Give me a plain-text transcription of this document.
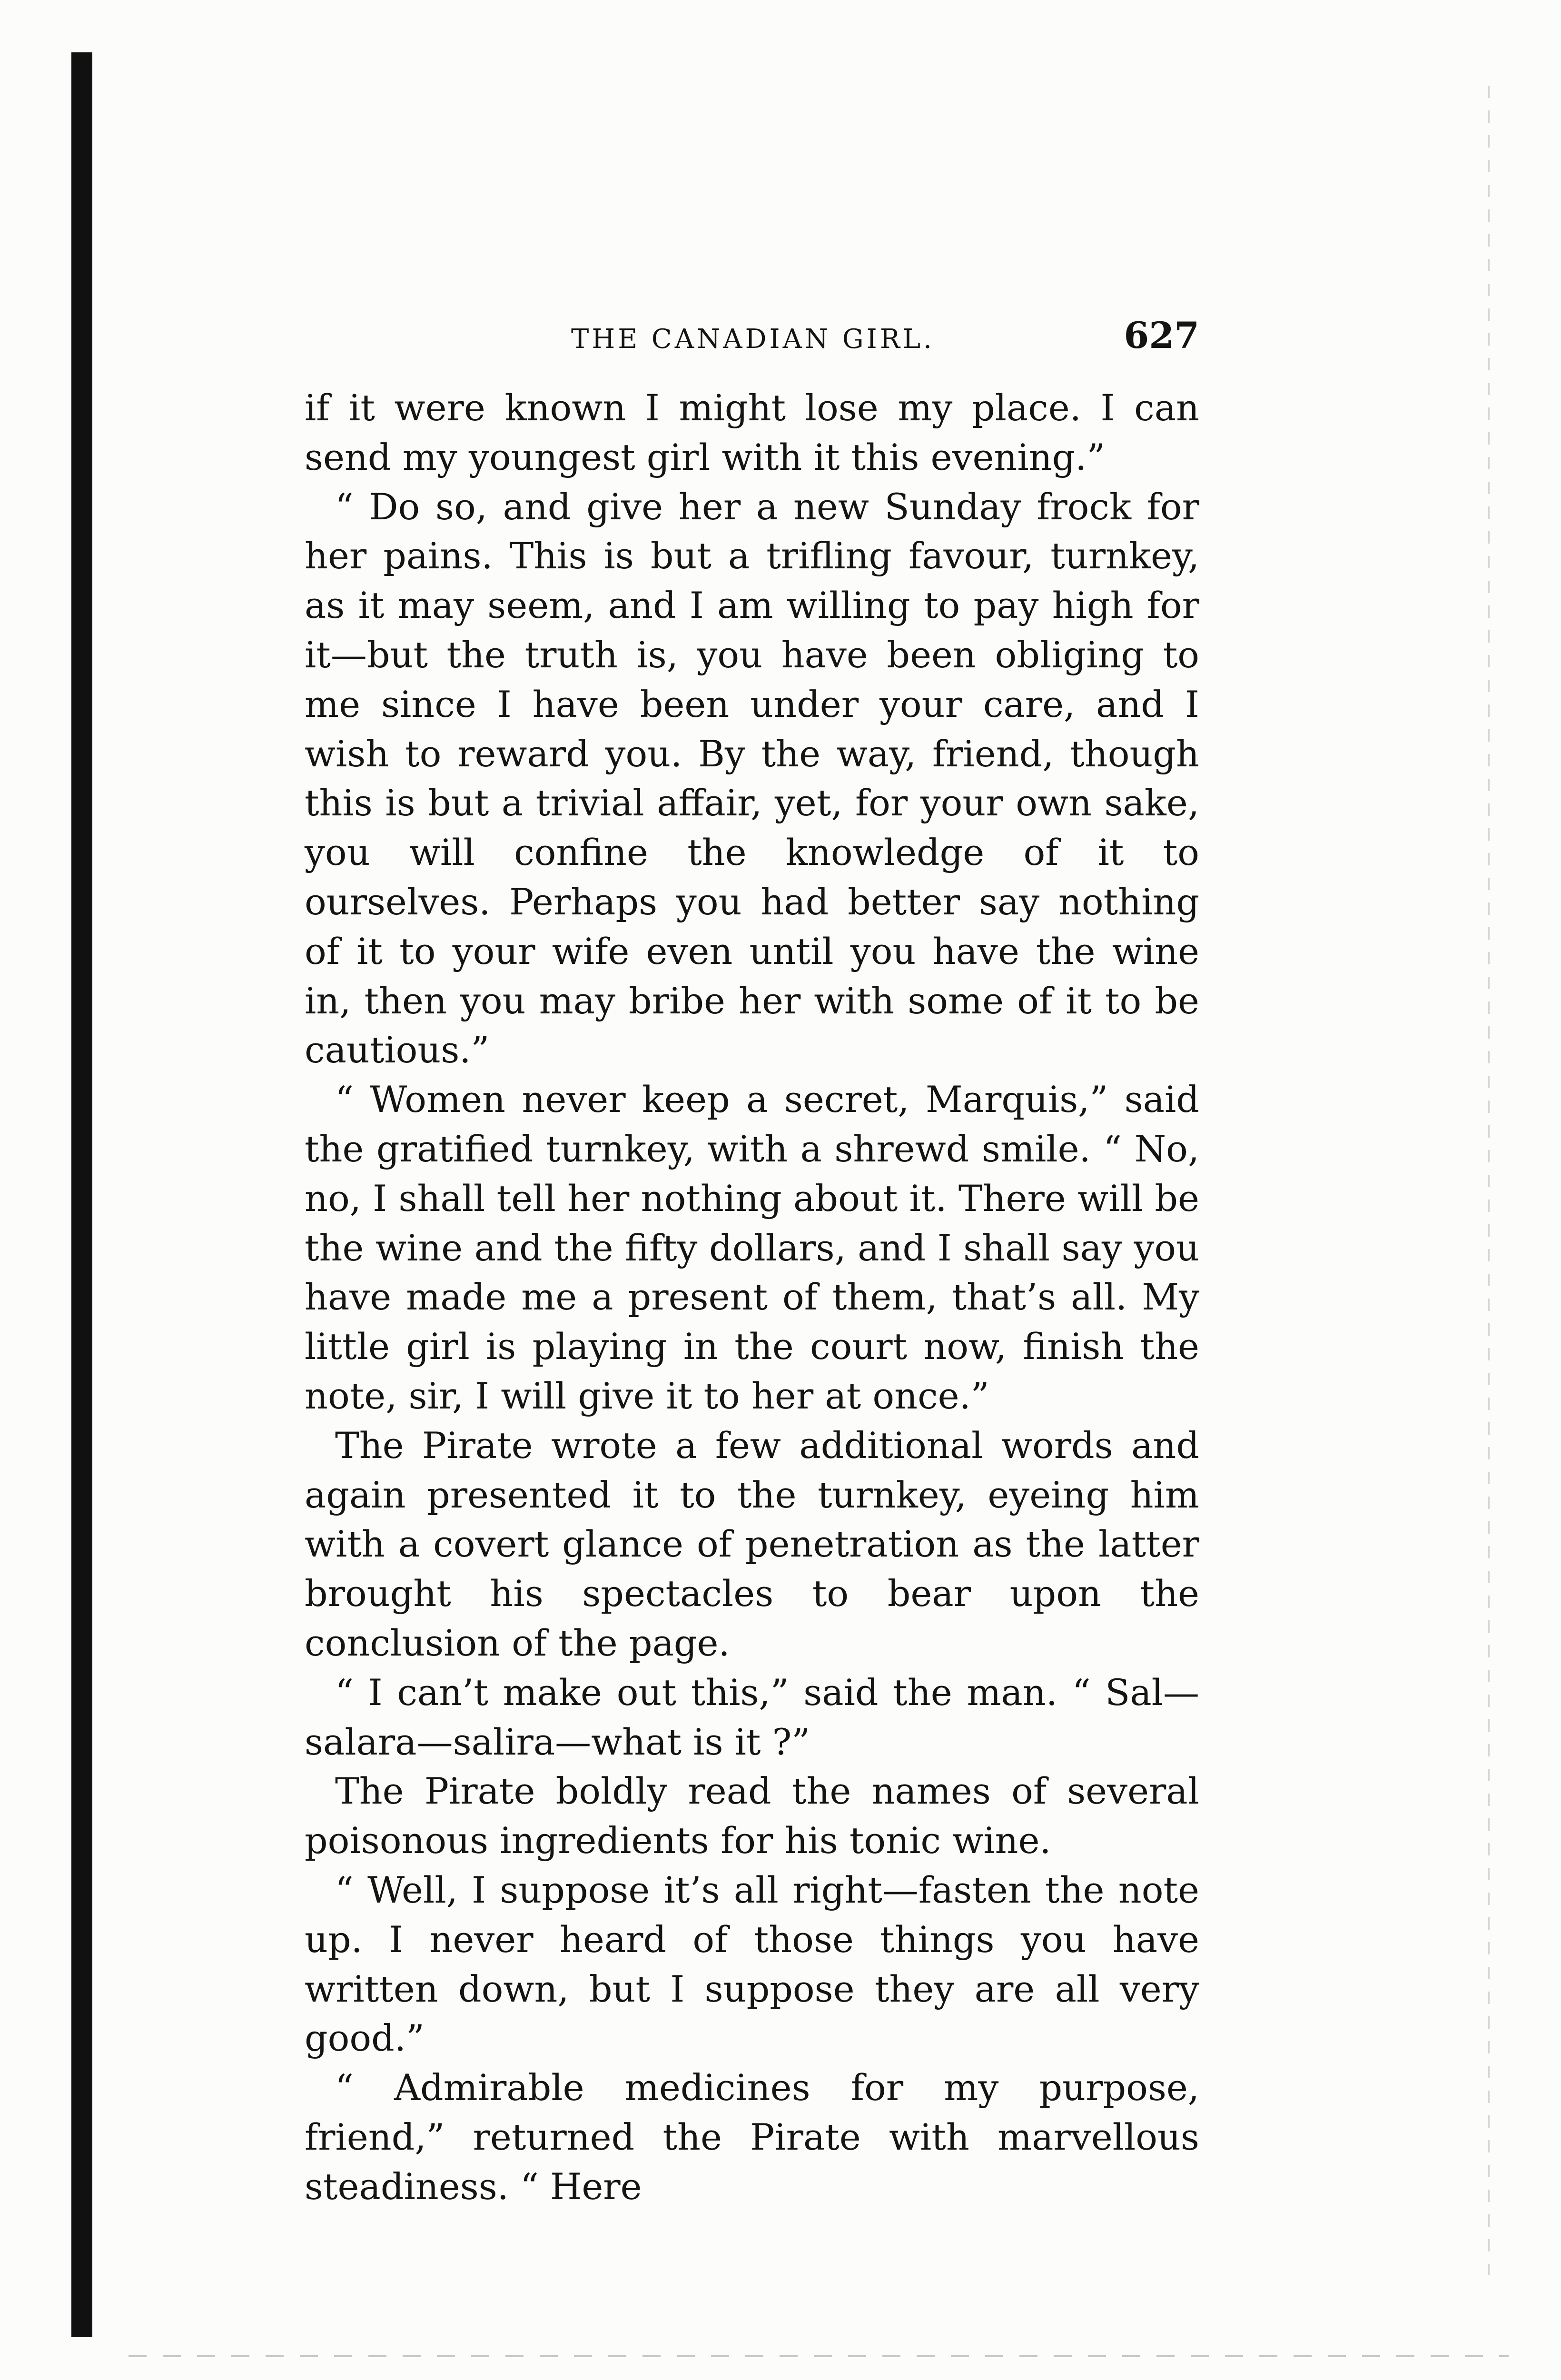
THE CANADIAN GIRL.	627

if it were known I might lose my place. I can send my youngest girl with it this evening.”

“ Do so, and give her a new Sunday frock for her pains. This is but a trifling favour, turnkey, as it may seem, and I am willing to pay high for it—but the truth is, you have been obliging to me since I have been under your care, and I wish to reward you. By the way, friend, though this is but a trivial affair, yet, for your own sake, you will confine the knowledge of it to ourselves. Perhaps you had better say nothing of it to your wife even until you have the wine in, then you may bribe her with some of it to be cautious.”

“ Women never keep a secret, Marquis,” said the gratified turnkey, with a shrewd smile. “ No, no, I shall tell her nothing about it. There will be the wine and the fifty dollars, and I shall say you have made me a present of them, that’s all. My little girl is playing in the court now, finish the note, sir, I will give it to her at once.”

The Pirate wrote a few additional words and again presented it to the turnkey, eyeing him with a covert glance of penetration as the latter brought his spectacles to bear upon the conclusion of the page.

“ I can’t make out this,” said the man. “ Sal—salara—salira—what is it ?”

The Pirate boldly read the names of several poisonous ingredients for his tonic wine.

“ Well, I suppose it’s all right—fasten the note up. I never heard of those things you have written down, but I suppose they are all very good.”

“ Admirable medicines for my purpose, friend,” returned the Pirate with marvellous steadiness. “ Here
